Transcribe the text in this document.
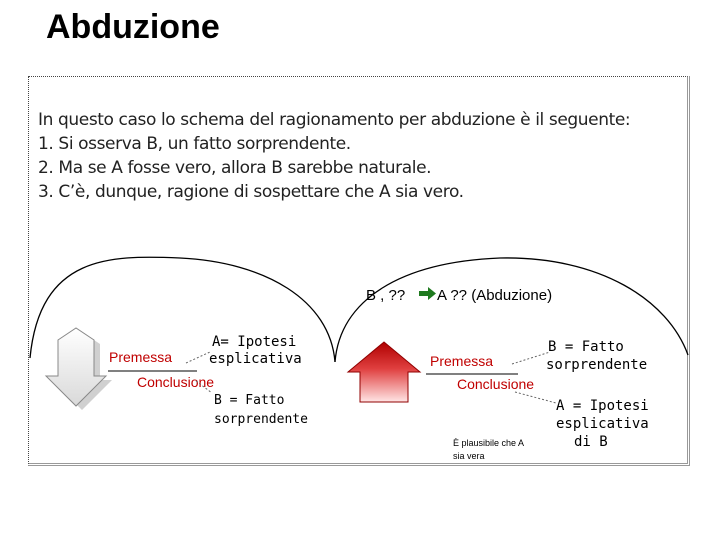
Abduzione
In questo caso lo schema del ragionamento per abduzione è il seguente:
1. Si osserva B, un fatto sorprendente.
2. Ma se A fosse vero, allora B sarebbe naturale.
3. C’è, dunque, ragione di sospettare che A sia vero.
B , ?? A ?? (Abduzione)
Premessa
Conclusione
A= Ipotesi
esplicativa
B = Fatto
sorprendente
Premessa
Conclusione
B = Fatto
sorprendente
A = Ipotesi
esplicativa
di B
È plausibile che A
sia vera
